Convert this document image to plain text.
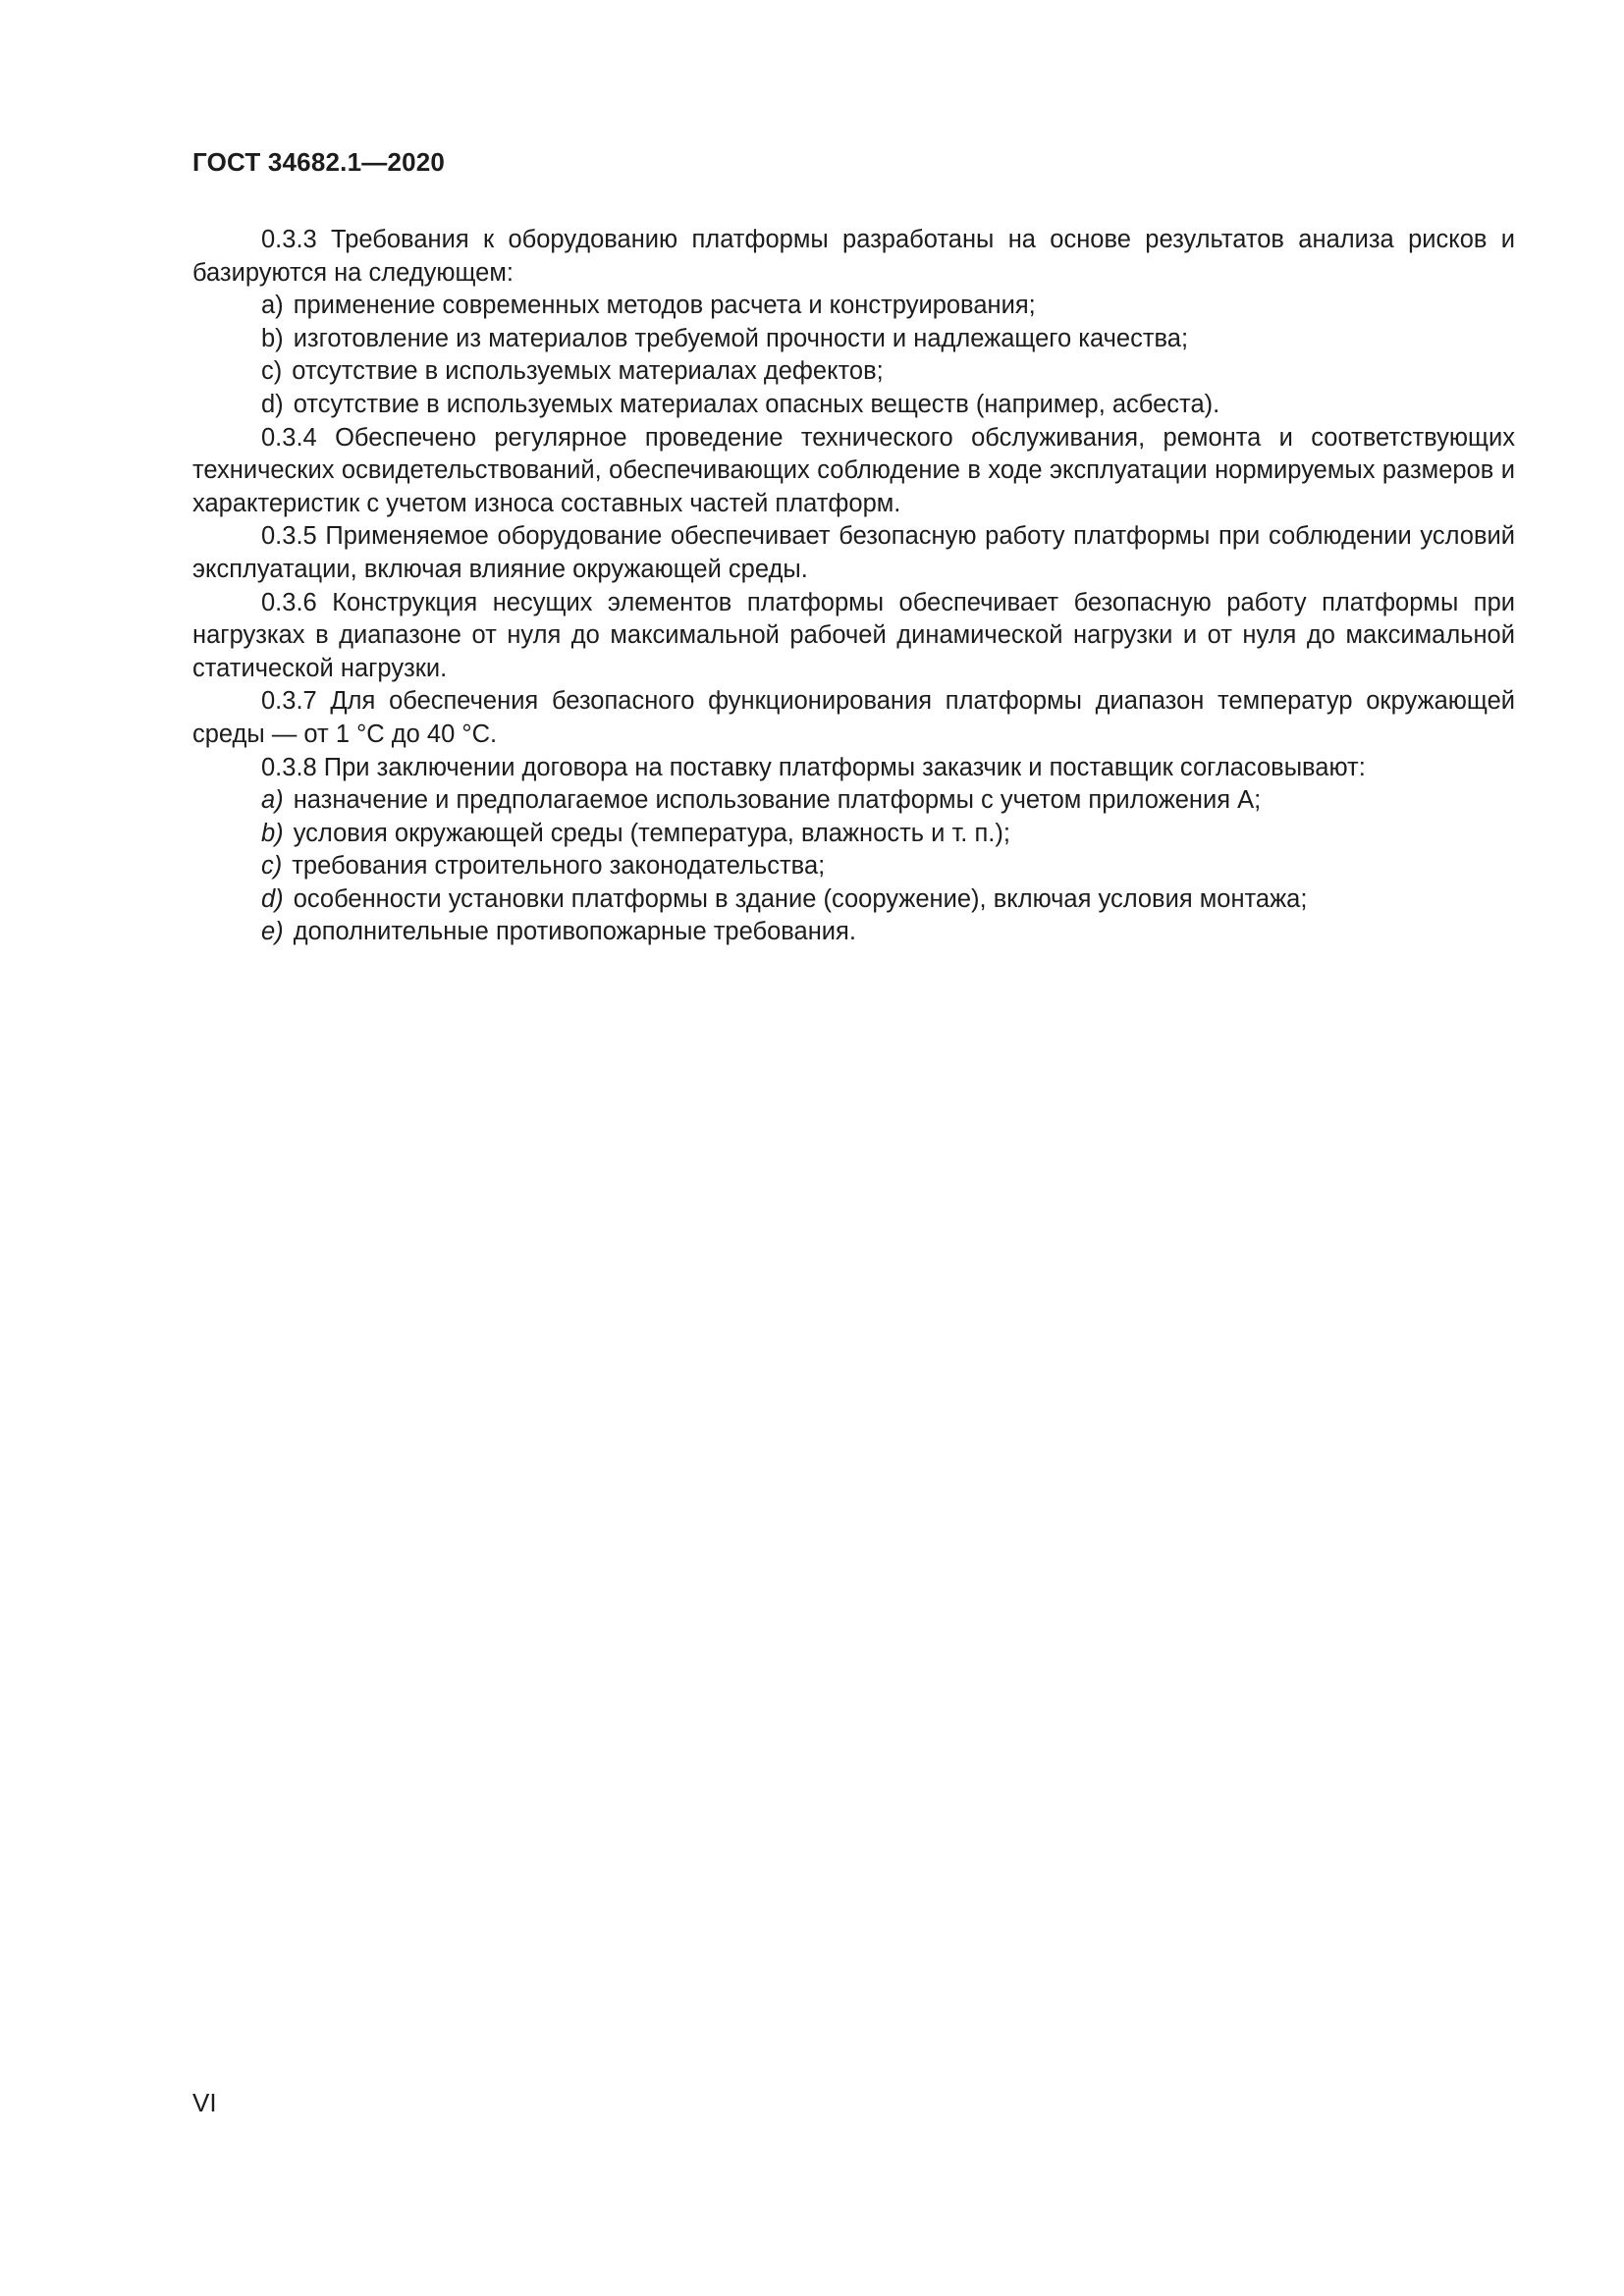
ГОСТ 34682.1—2020

0.3.3 Требования к оборудованию платформы разработаны на основе результатов анализа рисков и базируются на следующем:

a) применение современных методов расчета и конструирования;

b) изготовление из материалов требуемой прочности и надлежащего качества;

c) отсутствие в используемых материалах дефектов;

d) отсутствие в используемых материалах опасных веществ (например, асбеста).

0.3.4 Обеспечено регулярное проведение технического обслуживания, ремонта и соответствующих технических освидетельствований, обеспечивающих соблюдение в ходе эксплуатации нормируемых размеров и характеристик с учетом износа составных частей платформ.

0.3.5 Применяемое оборудование обеспечивает безопасную работу платформы при соблюдении условий эксплуатации, включая влияние окружающей среды.

0.3.6 Конструкция несущих элементов платформы обеспечивает безопасную работу платформы при нагрузках в диапазоне от нуля до максимальной рабочей динамической нагрузки и от нуля до максимальной статической нагрузки.

0.3.7 Для обеспечения безопасного функционирования платформы диапазон температур окружающей среды — от 1 °С до 40 °С.

0.3.8 При заключении договора на поставку платформы заказчик и поставщик согласовывают:

a) назначение и предполагаемое использование платформы с учетом приложения А;

b) условия окружающей среды (температура, влажность и т. п.);

c) требования строительного законодательства;

d) особенности установки платформы в здание (сооружение), включая условия монтажа;

e) дополнительные противопожарные требования.

VI
